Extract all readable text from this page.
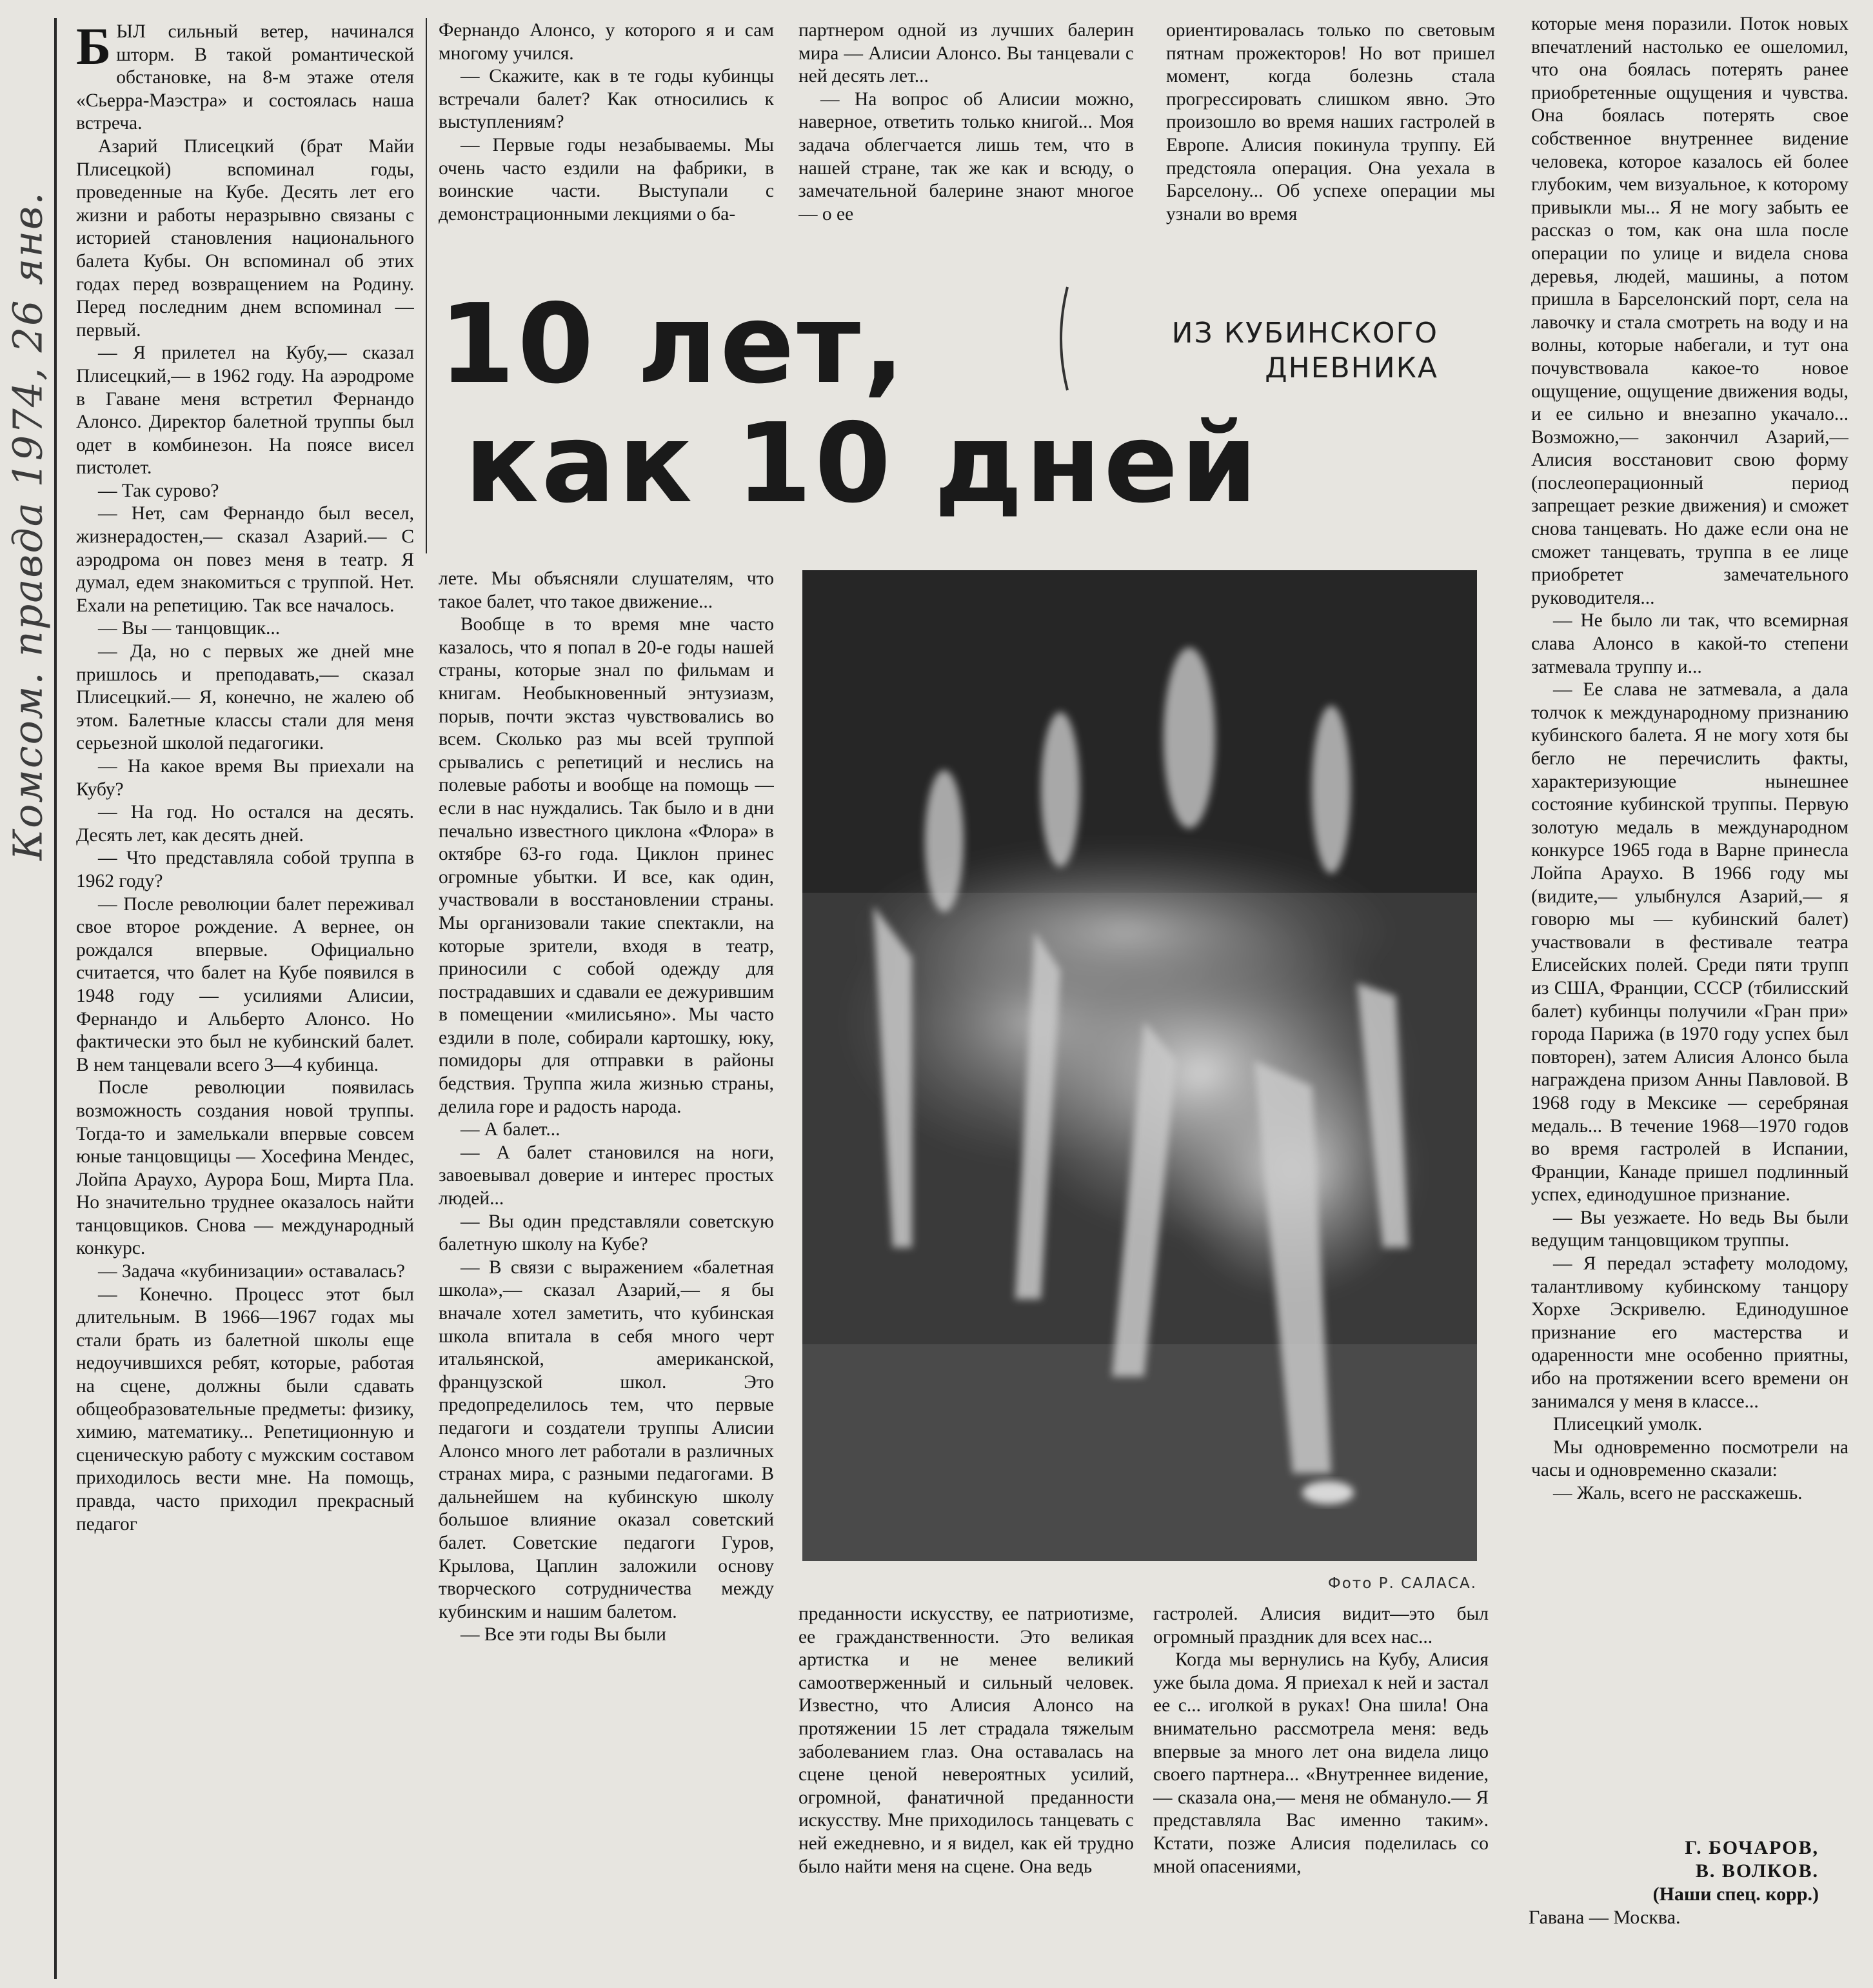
Комсом. правда 1974, 26 янв.

БЫЛ сильный ветер, начинался шторм. В такой романтической обстановке, на 8-м этаже отеля «Сьерра-Маэстра» и состоялась наша встреча.

Азарий Плисецкий (брат Майи Плисецкой) вспоминал годы, проведенные на Кубе. Десять лет его жизни и работы неразрывно связаны с историей становления национального балета Кубы. Он вспоминал об этих годах перед возвращением на Родину. Перед последним днем вспоминал — первый.

— Я прилетел на Кубу,— сказал Плисецкий,— в 1962 году. На аэродроме в Гаване меня встретил Фернандо Алонсо. Директор балетной труппы был одет в комбинезон. На поясе висел пистолет.

— Так сурово?

— Нет, сам Фернандо был весел, жизнерадостен,— сказал Азарий.— С аэродрома он повез меня в театр. Я думал, едем знакомиться с труппой. Нет. Ехали на репетицию. Так все началось.

— Вы — танцовщик...

— Да, но с первых же дней мне пришлось и преподавать,— сказал Плисецкий.— Я, конечно, не жалею об этом. Балетные классы стали для меня серьезной школой педагогики.

— На какое время Вы приехали на Кубу?

— На год. Но остался на десять. Десять лет, как десять дней.

— Что представляла собой труппа в 1962 году?

— После революции балет переживал свое второе рождение. А вернее, он рождался впервые. Официально считается, что балет на Кубе появился в 1948 году — усилиями Алисии, Фернандо и Альберто Алонсо. Но фактически это был не кубинский балет. В нем танцевали всего 3—4 кубинца.

После революции появилась возможность создания новой труппы. Тогда-то и замелькали впервые совсем юные танцовщицы — Хосефина Мендес, Лойпа Араухо, Аурора Бош, Мирта Пла. Но значительно труднее оказалось найти танцовщиков. Снова — международный конкурс.

— Задача «кубинизации» оставалась?

— Конечно. Процесс этот был длительным. В 1966—1967 годах мы стали брать из балетной школы еще недоучившихся ребят, которые, работая на сцене, должны были сдавать общеобразовательные предметы: физику, химию, математику... Репетиционную и сценическую работу с мужским составом приходилось вести мне. На помощь, правда, часто приходил прекрасный педагог

Фернандо Алонсо, у которого я и сам многому учился.

— Скажите, как в те годы кубинцы встречали балет? Как относились к выступлениям?

— Первые годы незабываемы. Мы очень часто ездили на фабрики, в воинские части. Выступали с демонстрационными лекциями о ба-

партнером одной из лучших балерин мира — Алисии Алонсо. Вы танцевали с ней десять лет...

— На вопрос об Алисии можно, наверное, ответить только книгой... Моя задача облегчается лишь тем, что в нашей стране, так же как и всюду, о замечательной балерине знают многое — о ее

ориентировалась только по световым пятнам прожекторов! Но вот пришел момент, когда болезнь стала прогрессировать слишком явно. Это произошло во время наших гастролей в Европе. Алисия покинула труппу. Ей предстояла операция. Она уехала в Барселону... Об успехе операции мы узнали во время

10 лет,
как 10 дней
ИЗ КУБИНСКОГО
ДНЕВНИКА

лете. Мы объясняли слушателям, что такое балет, что такое движение...

Вообще в то время мне часто казалось, что я попал в 20-е годы нашей страны, которые знал по фильмам и книгам. Необыкновенный энтузиазм, порыв, почти экстаз чувствовались во всем. Сколько раз мы всей труппой срывались с репетиций и неслись на полевые работы и вообще на помощь — если в нас нуждались. Так было и в дни печально известного циклона «Флора» в октябре 63-го года. Циклон принес огромные убытки. И все, как один, участвовали в восстановлении страны. Мы организовали такие спектакли, на которые зрители, входя в театр, приносили с собой одежду для пострадавших и сдавали ее дежурившим в помещении «милисьяно». Мы часто ездили в поле, собирали картошку, юку, помидоры для отправки в районы бедствия. Труппа жила жизнью страны, делила горе и радость народа.

— А балет...

— А балет становился на ноги, завоевывал доверие и интерес простых людей...

— Вы один представляли советскую балетную школу на Кубе?

— В связи с выражением «балетная школа»,— сказал Азарий,— я бы вначале хотел заметить, что кубинская школа впитала в себя много черт итальянской, американской, французской школ. Это предопределилось тем, что первые педагоги и создатели труппы Алисии Алонсо много лет работали в различных странах мира, с разными педагогами. В дальнейшем на кубинскую школу большое влияние оказал советский балет. Советские педагоги Гуров, Крылова, Цаплин заложили основу творческого сотрудничества между кубинским и нашим балетом.

— Все эти годы Вы были

Фото Р. САЛАСА.

преданности искусству, ее патриотизме, ее гражданственности. Это великая артистка и не менее великий самоотверженный и сильный человек. Известно, что Алисия Алонсо на протяжении 15 лет страдала тяжелым заболеванием глаз. Она оставалась на сцене ценой невероятных усилий, огромной, фанатичной преданности искусству. Мне приходилось танцевать с ней ежедневно, и я видел, как ей трудно было найти меня на сцене. Она ведь

гастролей. Алисия видит—это был огромный праздник для всех нас...

Когда мы вернулись на Кубу, Алисия уже была дома. Я приехал к ней и застал ее с... иголкой в руках! Она шила! Она внимательно рассмотрела меня: ведь впервые за много лет она видела лицо своего партнера... «Внутреннее видение,— сказала она,— меня не обмануло.— Я представляла Вас именно таким». Кстати, позже Алисия поделилась со мной опасениями,

которые меня поразили. Поток новых впечатлений настолько ее ошеломил, что она боялась потерять ранее приобретенные ощущения и чувства. Она боялась потерять свое собственное внутреннее видение человека, которое казалось ей более глубоким, чем визуальное, к которому привыкли мы... Я не могу забыть ее рассказ о том, как она шла после операции по улице и видела снова деревья, людей, машины, а потом пришла в Барселонский порт, села на лавочку и стала смотреть на воду и на волны, которые набегали, и тут она почувствовала какое-то новое ощущение, ощущение движения воды, и ее сильно и внезапно укачало... Возможно,— закончил Азарий,— Алисия восстановит свою форму (послеоперационный период запрещает резкие движения) и сможет снова танцевать. Но даже если она не сможет танцевать, труппа в ее лице приобретет замечательного руководителя...

— Не было ли так, что всемирная слава Алонсо в какой-то степени затмевала труппу и...

— Ее слава не затмевала, а дала толчок к международному признанию кубинского балета. Я не могу хотя бы бегло не перечислить факты, характеризующие нынешнее состояние кубинской труппы. Первую золотую медаль в международном конкурсе 1965 года в Варне принесла Лойпа Араухо. В 1966 году мы (видите,— улыбнулся Азарий,— я говорю мы — кубинский балет) участвовали в фестивале театра Елисейских полей. Среди пяти трупп из США, Франции, СССР (тбилисский балет) кубинцы получили «Гран при» города Парижа (в 1970 году успех был повторен), затем Алисия Алонсо была награждена призом Анны Павловой. В 1968 году в Мексике — серебряная медаль... В течение 1968—1970 годов во время гастролей в Испании, Франции, Канаде пришел подлинный успех, единодушное признание.

— Вы уезжаете. Но ведь Вы были ведущим танцовщиком труппы.

— Я передал эстафету молодому, талантливому кубинскому танцору Хорхе Эскривелю. Единодушное признание его мастерства и одаренности мне особенно приятны, ибо на протяжении всего времени он занимался у меня в классе...

Плисецкий умолк.

Мы одновременно посмотрели на часы и одновременно сказали:

— Жаль, всего не расскажешь.

Г. БОЧАРОВ,
В. ВОЛКОВ.
(Наши спец. корр.)
Гавана — Москва.
